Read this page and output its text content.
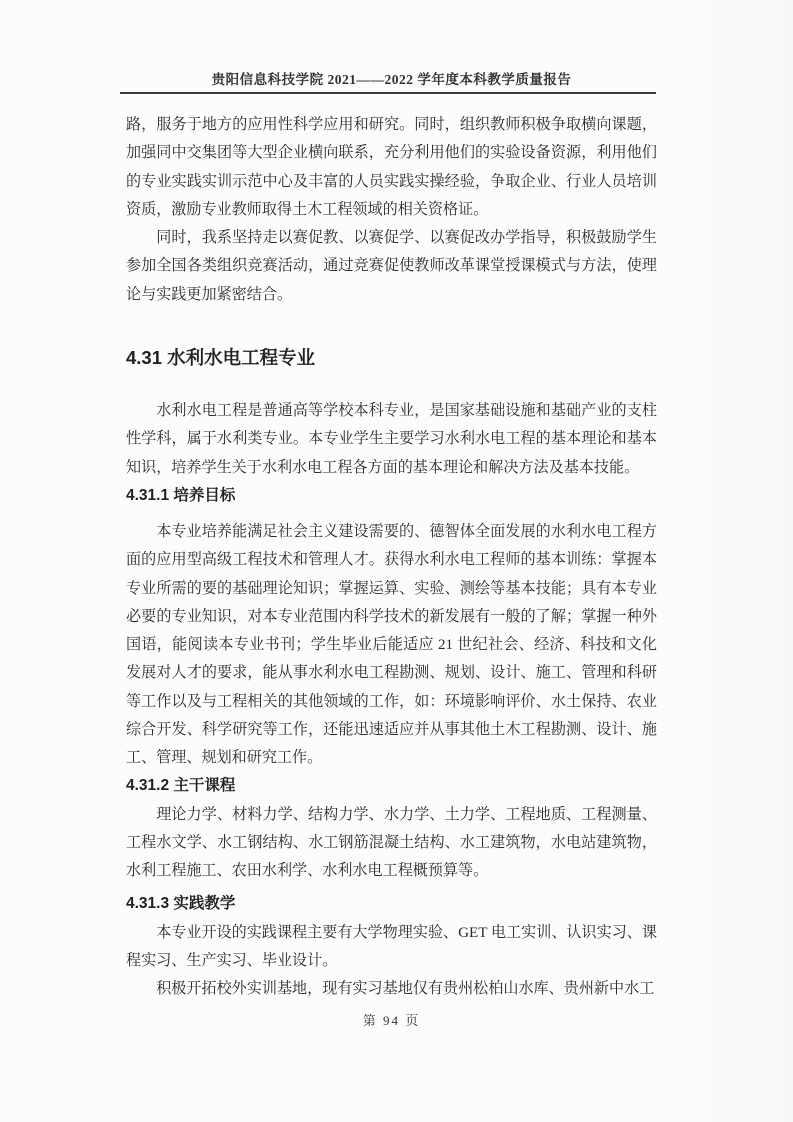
贵阳信息科技学院 2021——2022 学年度本科教学质量报告

路，服务于地方的应用性科学应用和研究。同时，组织教师积极争取横向课题，加强同中交集团等大型企业横向联系，充分利用他们的实验设备资源，利用他们的专业实践实训示范中心及丰富的人员实践实操经验，争取企业、行业人员培训资质，激励专业教师取得土木工程领域的相关资格证。

同时，我系坚持走以赛促教、以赛促学、以赛促改办学指导，积极鼓励学生参加全国各类组织竞赛活动，通过竞赛促使教师改革课堂授课模式与方法，使理论与实践更加紧密结合。

4.31 水利水电工程专业

水利水电工程是普通高等学校本科专业，是国家基础设施和基础产业的支柱性学科，属于水利类专业。本专业学生主要学习水利水电工程的基本理论和基本知识，培养学生关于水利水电工程各方面的基本理论和解决方法及基本技能。

4.31.1 培养目标

本专业培养能满足社会主义建设需要的、德智体全面发展的水利水电工程方面的应用型高级工程技术和管理人才。获得水利水电工程师的基本训练：掌握本专业所需的要的基础理论知识；掌握运算、实验、测绘等基本技能；具有本专业必要的专业知识，对本专业范围内科学技术的新发展有一般的了解；掌握一种外国语，能阅读本专业书刊；学生毕业后能适应 21 世纪社会、经济、科技和文化发展对人才的要求，能从事水利水电工程勘测、规划、设计、施工、管理和科研等工作以及与工程相关的其他领域的工作，如：环境影响评价、水土保持、农业综合开发、科学研究等工作，还能迅速适应并从事其他土木工程勘测、设计、施工、管理、规划和研究工作。

4.31.2 主干课程

理论力学、材料力学、结构力学、水力学、土力学、工程地质、工程测量、工程水文学、水工钢结构、水工钢筋混凝土结构、水工建筑物，水电站建筑物，水利工程施工、农田水利学、水利水电工程概预算等。

4.31.3 实践教学

本专业开设的实践课程主要有大学物理实验、GET 电工实训、认识实习、课程实习、生产实习、毕业设计。

积极开拓校外实训基地，现有实习基地仅有贵州松柏山水库、贵州新中水工

第 94 页
